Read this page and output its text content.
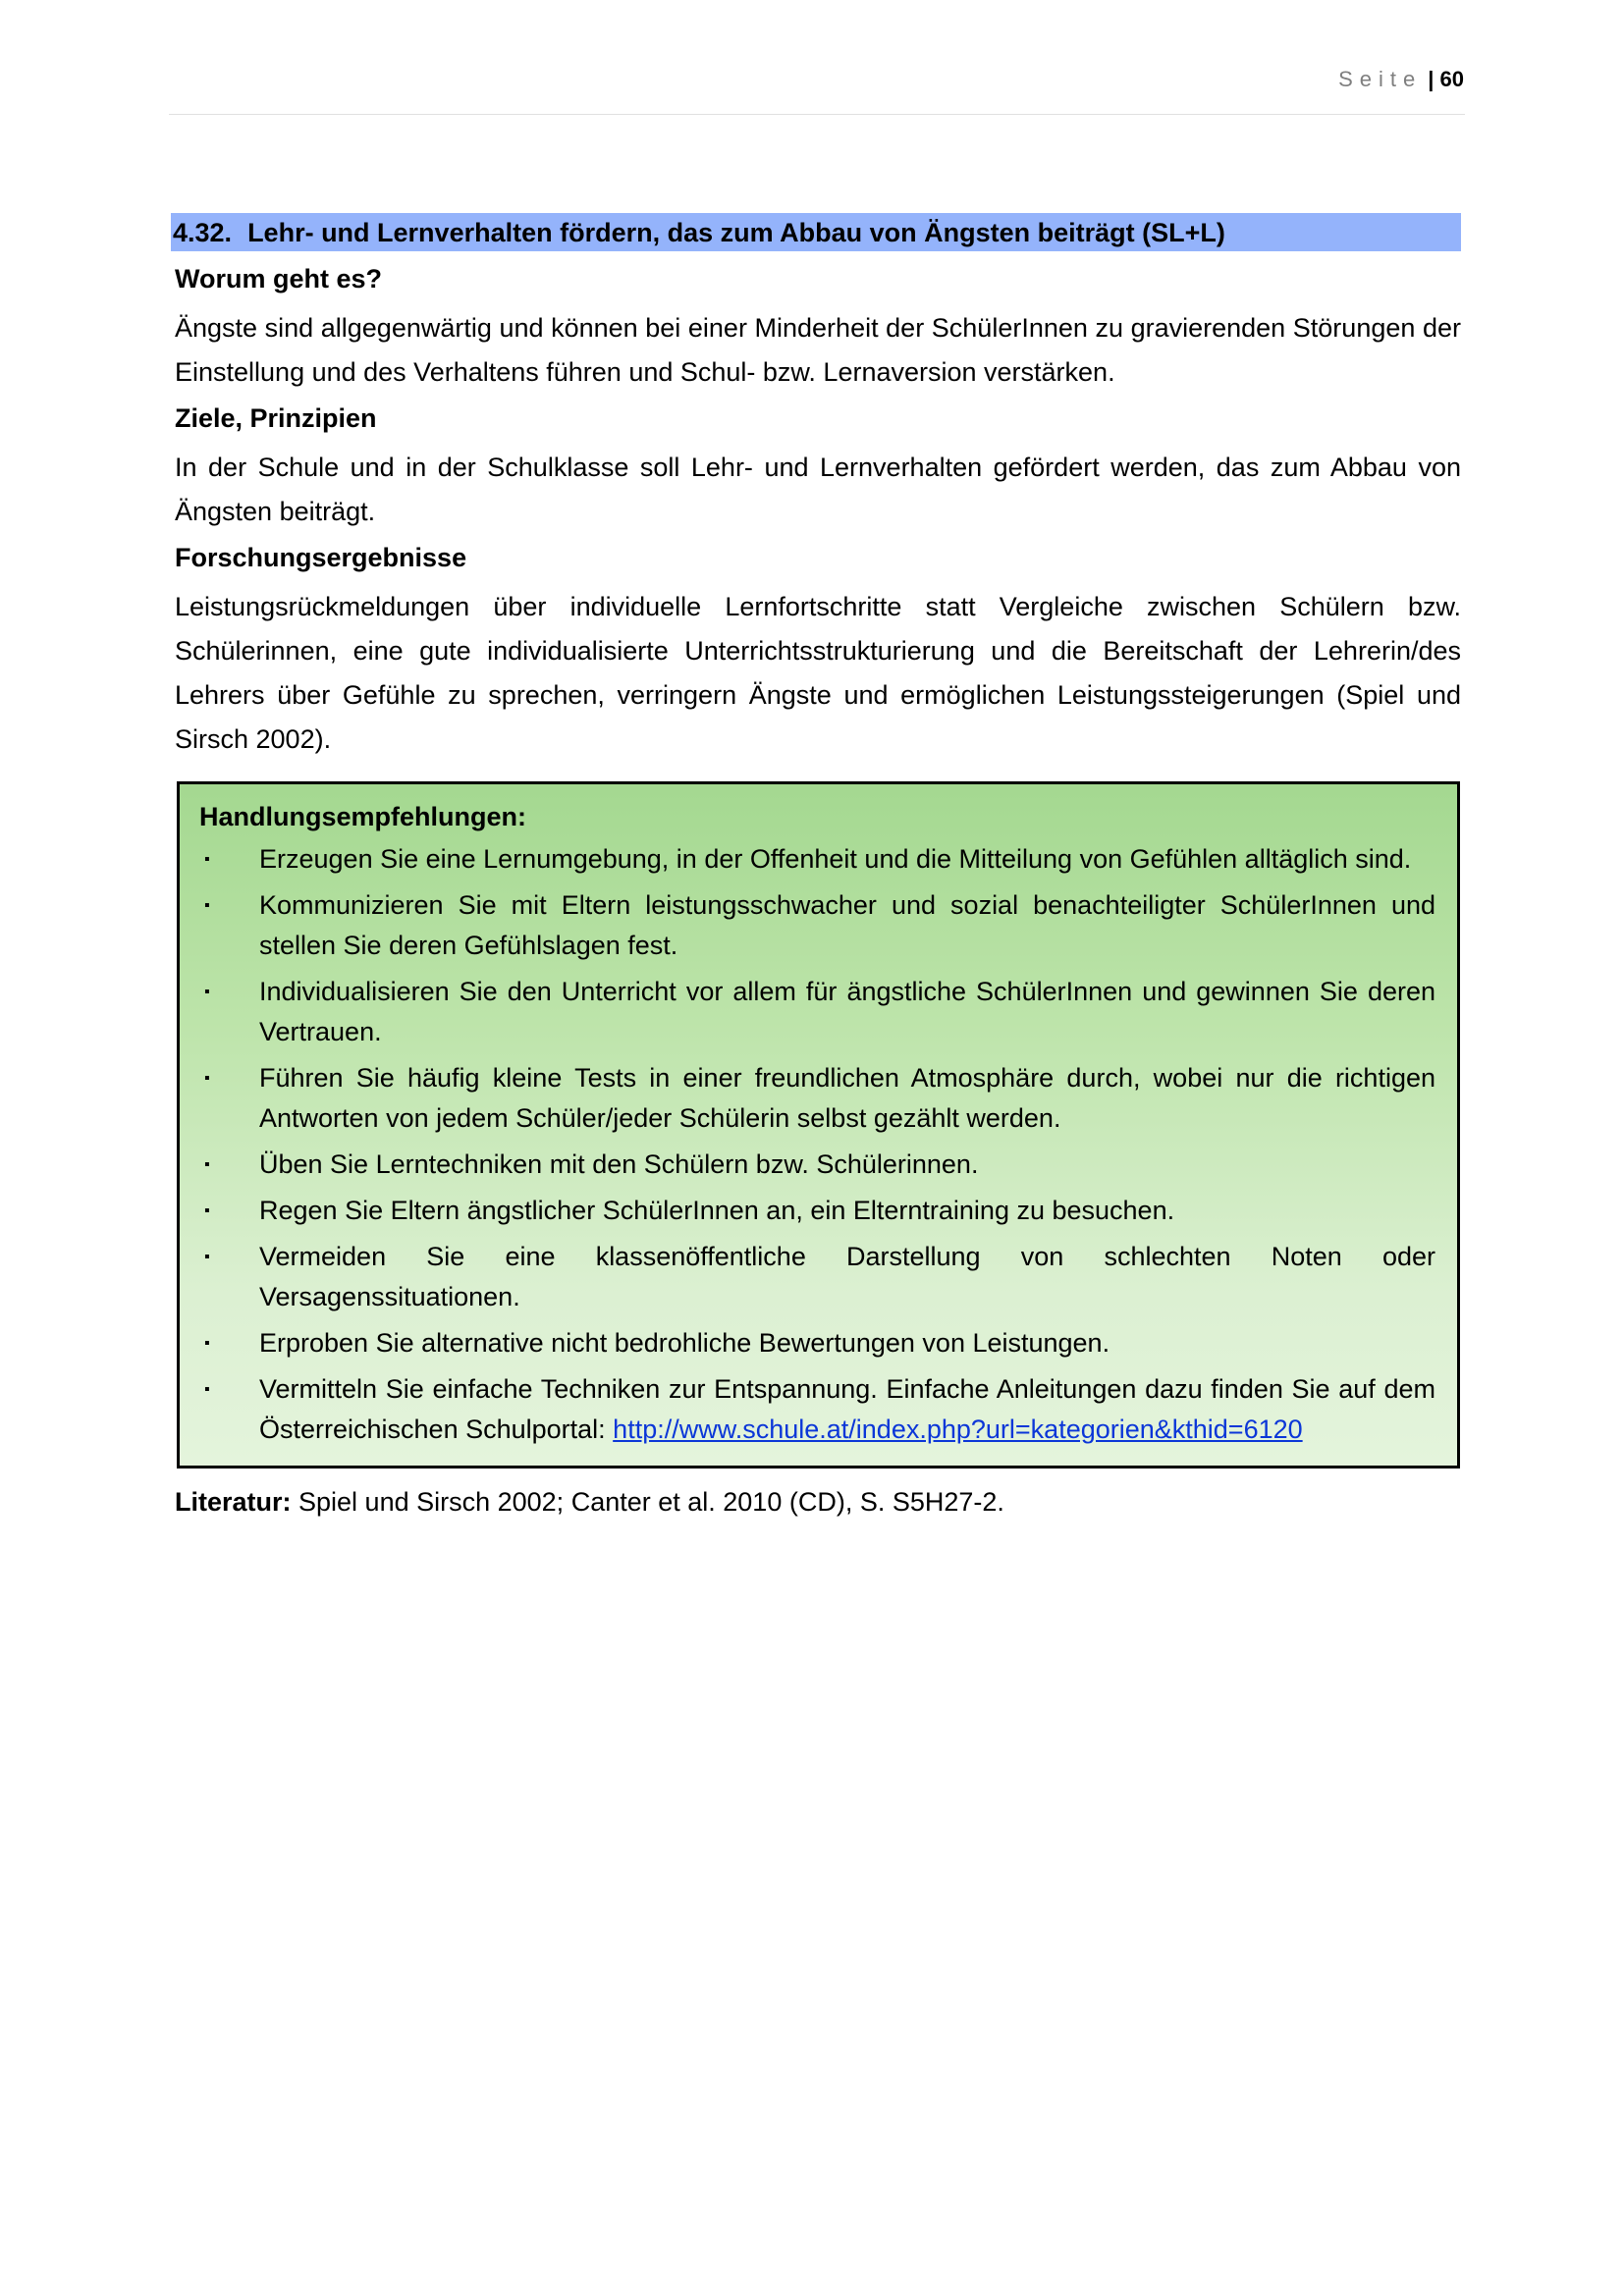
Seite | 60
4.32. Lehr- und Lernverhalten fördern, das zum Abbau von Ängsten beiträgt (SL+L)
Worum geht es?
Ängste sind allgegenwärtig und können bei einer Minderheit der SchülerInnen zu gravierenden Störungen der Einstellung und des Verhaltens führen und Schul- bzw. Lernaversion verstärken.
Ziele, Prinzipien
In der Schule und in der Schulklasse soll Lehr- und Lernverhalten gefördert werden, das zum Abbau von Ängsten beiträgt.
Forschungsergebnisse
Leistungsrückmeldungen über individuelle Lernfortschritte statt Vergleiche zwischen Schülern bzw. Schülerinnen, eine gute individualisierte Unterrichtsstrukturierung und die Bereitschaft der Lehrerin/des Lehrers über Gefühle zu sprechen, verringern Ängste und ermöglichen Leistungssteigerungen (Spiel und Sirsch 2002).
Handlungsempfehlungen:
▪ Erzeugen Sie eine Lernumgebung, in der Offenheit und die Mitteilung von Gefühlen alltäglich sind.
▪ Kommunizieren Sie mit Eltern leistungsschwacher und sozial benachteiligter SchülerInnen und stellen Sie deren Gefühlslagen fest.
▪ Individualisieren Sie den Unterricht vor allem für ängstliche SchülerInnen und gewinnen Sie deren Vertrauen.
▪ Führen Sie häufig kleine Tests in einer freundlichen Atmosphäre durch, wobei nur die richtigen Antworten von jedem Schüler/jeder Schülerin selbst gezählt werden.
▪ Üben Sie Lerntechniken mit den Schülern bzw. Schülerinnen.
▪ Regen Sie Eltern ängstlicher SchülerInnen an, ein Elterntraining zu besuchen.
▪ Vermeiden Sie eine klassenöffentliche Darstellung von schlechten Noten oder Versagenssituationen.
▪ Erproben Sie alternative nicht bedrohliche Bewertungen von Leistungen.
▪ Vermitteln Sie einfache Techniken zur Entspannung. Einfache Anleitungen dazu finden Sie auf dem Österreichischen Schulportal: http://www.schule.at/index.php?url=kategorien&kthid=6120
Literatur: Spiel und Sirsch 2002; Canter et al. 2010 (CD), S. S5H27-2.
